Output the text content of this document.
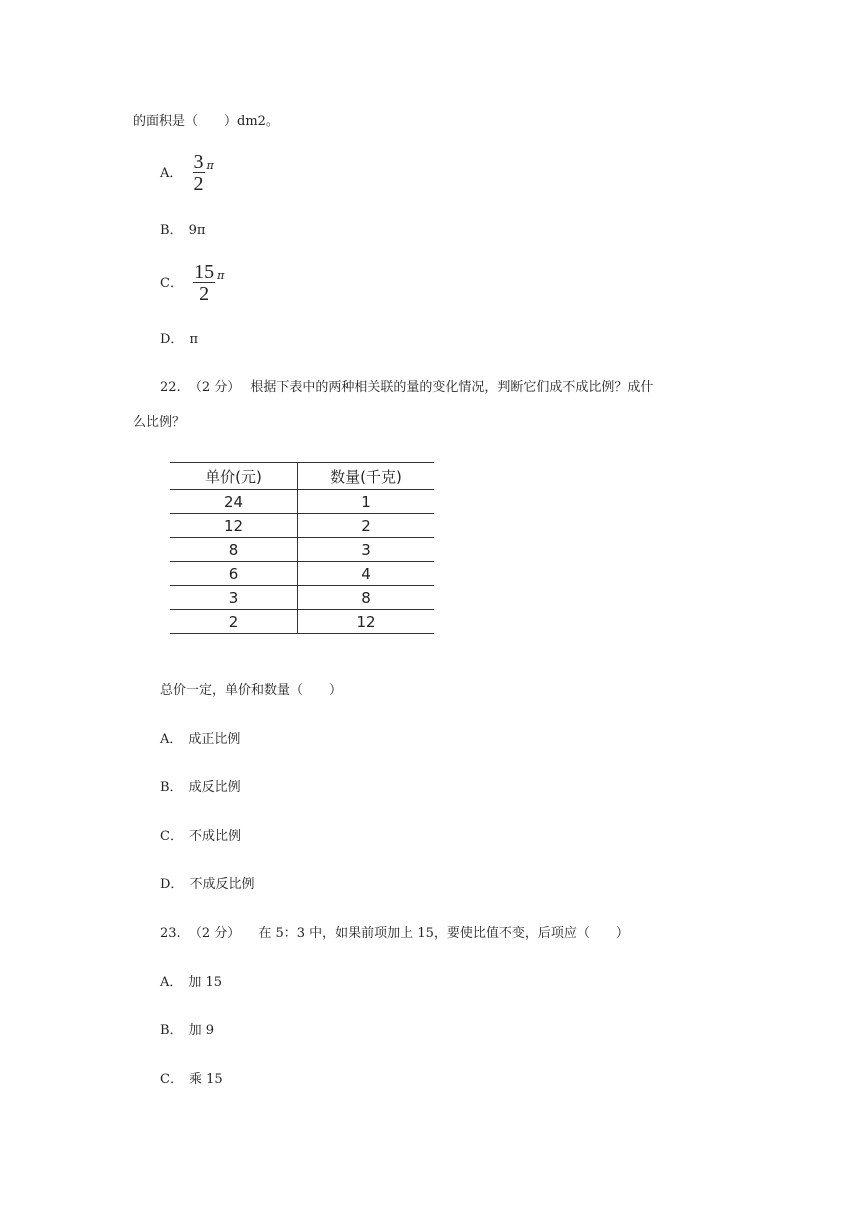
的面积是（　　）dm2。
A． $\frac{3}{2} ^\pi$
B． 9π
C． $\frac{15}{2} ^\pi$
D． π
22. （2 分） 根据下表中的两种相关联的量的变化情况，判断它们成不成比例？成什
么比例？
单价(元)	数量(千克)
24	1
12	2
8	3
6	4
3	8
2	12
总价一定，单价和数量（　　）
A． 成正比例
B． 成反比例
C． 不成比例
D． 不成反比例
23. （2 分） 在 5：3 中，如果前项加上 15，要使比值不变，后项应（　　）
A． 加 15
B． 加 9
C． 乘 15
